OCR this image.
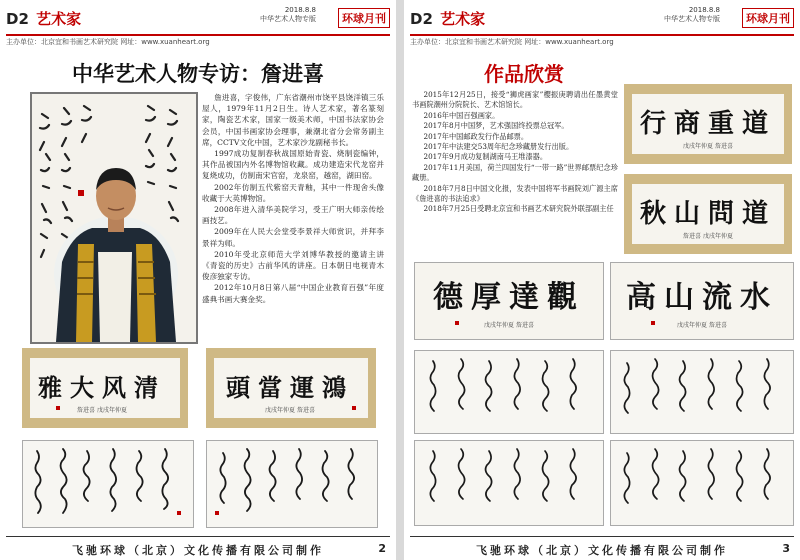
D2 艺术家	2018.8.8
中华艺术人物专版	环球月刊
主办单位：北京宜和书画艺术研究院 网址：www.xuanheart.org
中华艺术人物专访：詹进喜

詹进喜，字俊伟，广东省潮州市饶平县饶洋镇三乐屋人，1979年11月2日生。诗人艺术家，著名篆刻家，陶瓷艺术家，国家一级美术师，中国书法家协会会员，中国书画家协会理事，兼潮北省分会常务副主席，CCTV文化中国，艺术家沙龙副秘书长。

1997成功复制春秋战国原始青瓷、烧制瓷编钟，其作品被国内外名博物馆收藏。成功建造宋代龙窑并复烧成功，仿制南宋官窑，龙泉窑，越窑，湖田窑。

2002年仿制五代紫窑天青釉，其中一件现舍头像收藏于大英博物馆。

2008年进入清华美院学习，受王广明大师亲传绘画技艺。

2009年在人民大会堂受李景祥大师赏识，并拜李景祥为师。

2010年受北京师范大学刘博华教授的邀请主讲《青瓷的历史》古前华风的讲座。日本朝日电视青木俊彦独家专访。

2012年10月8日第八届“中国企业教育百强”年度盛典书画大赛金奖。

雅大风清
詹进喜 戊戌年仲夏
頭當運鴻
戊戌年仲夏 詹进喜
飞驰环球（北京）文化传播有限公司制作	2
D2 艺术家	2018.8.8
中华艺术人物专版	环球月刊
主办单位：北京宜和书画艺术研究院 网址：www.xuanheart.org
作品欣赏

2015年12月25日，接受“狮虎画家”樱振庚聘请出任墨黄堂书画院潮州分院院长、艺术馆馆长。

2016年中国百强画家。

2017年8月中国梦，艺术强国终投票总冠军。

2017年中国邮政发行作品邮票。

2017年中法建交53周年纪念珍藏册发行出版。

2017年9月成功复制湖南马王堆漆器。

2017年11月美国，荷兰四国发行“一带一路”世界邮票纪念珍藏册。

2018年7月8日中国文化报，发表中国将军书画院刘广源主席《詹进喜的书法追求》

2018年7月25日受聘北京宜和书画艺术研究院外联部副主任

行商重道
戊戌年仲夏 詹进喜
秋山問道
詹进喜 戊戌年仲夏
德厚達觀
戊戌年仲夏 詹进喜
高山流水
戊戌年仲夏 詹进喜
飞驰环球（北京）文化传播有限公司制作	3
